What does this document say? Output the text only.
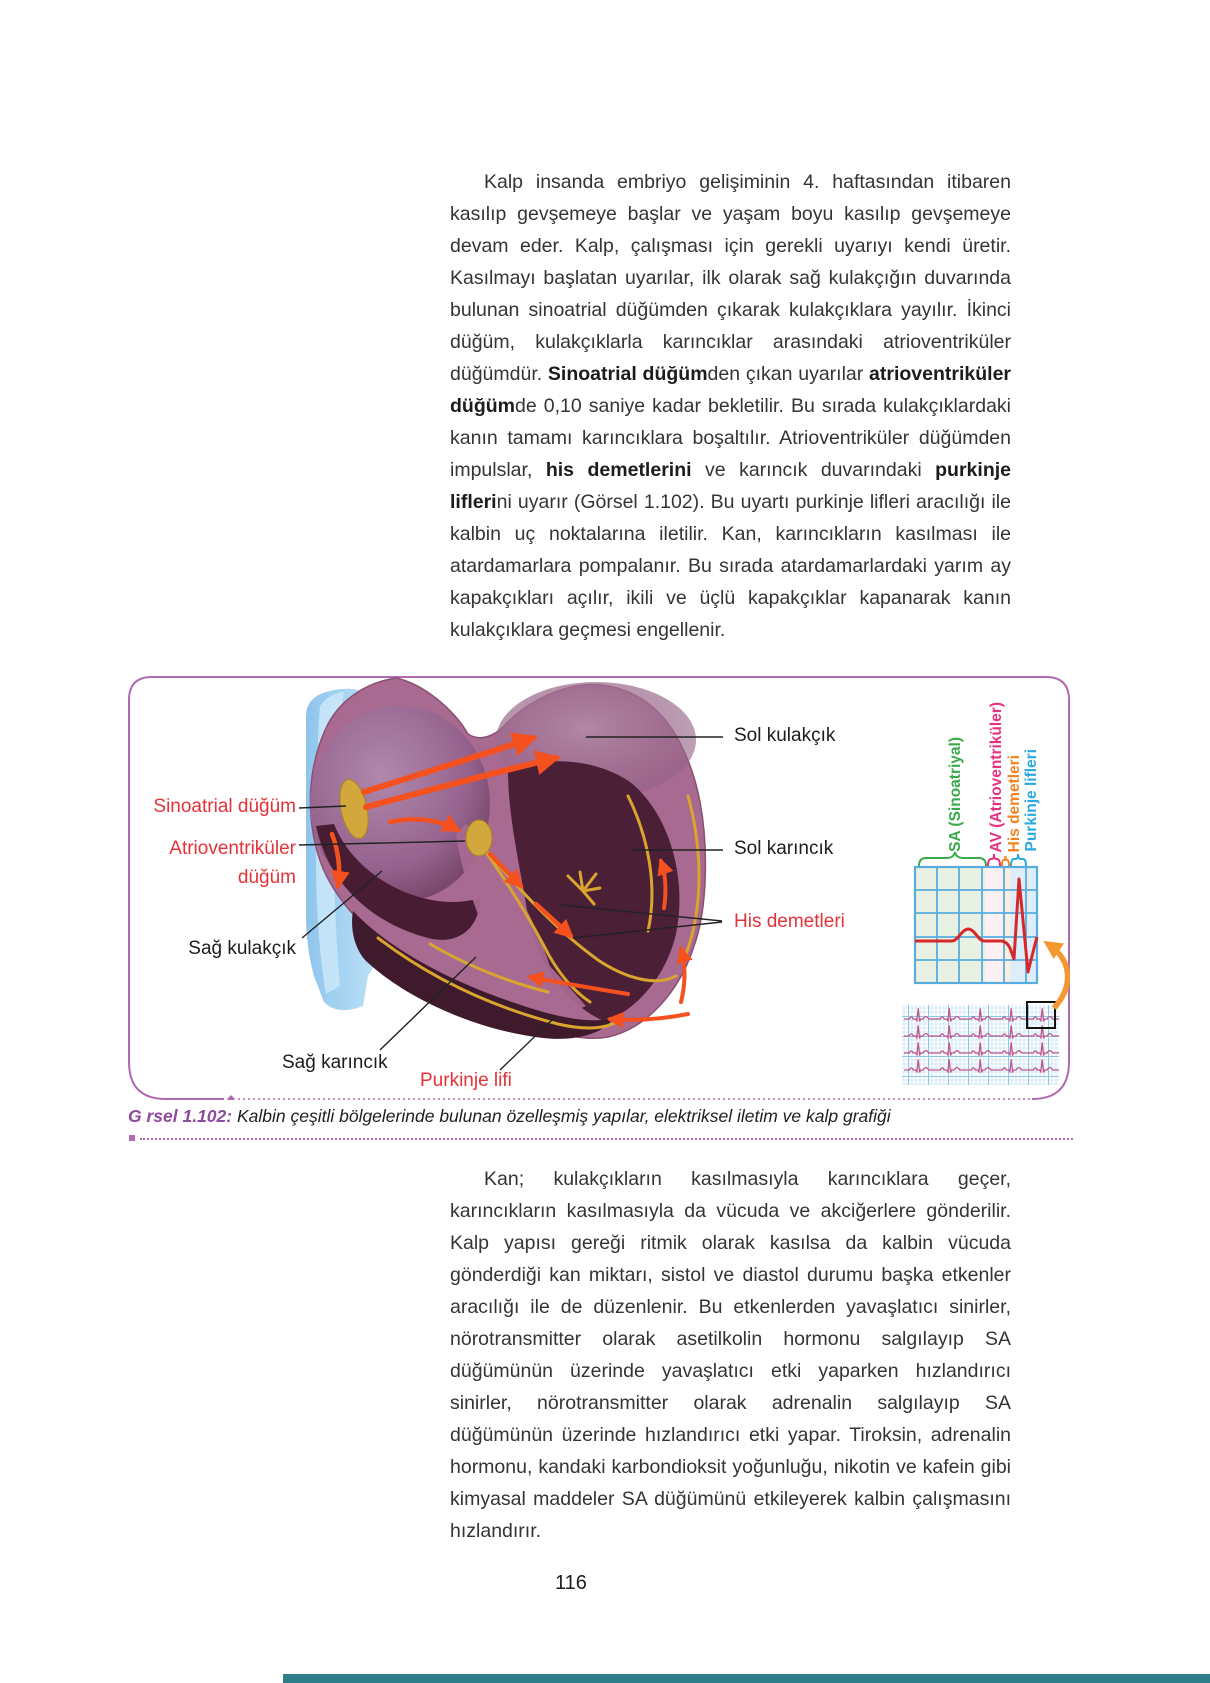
Kalp insanda embriyo gelişiminin 4. haftasından itibaren kasılıp gevşemeye başlar ve yaşam boyu kasılıp gevşemeye devam eder. Kalp, çalışması için gerekli uyarıyı kendi üretir. Kasılmayı başlatan uyarılar, ilk olarak sağ kulakçığın duvarında bulunan sinoatrial düğümden çıkarak kulakçıklara yayılır. İkinci düğüm, kulakçıklarla karıncıklar arasındaki atrioventriküler düğümdür. Sinoatrial düğümden çıkan uyarılar atrioventriküler düğümde 0,10 saniye kadar bekletilir. Bu sırada kulakçıklardaki kanın tamamı karıncıklara boşaltılır. Atrioventriküler düğümden impulslar, his demetlerini ve karıncık duvarındaki purkinje liflerini uyarır (Görsel 1.102). Bu uyartı purkinje lifleri aracılığı ile kalbin uç noktalarına iletilir. Kan, karıncıkların kasılması ile atardamarlara pompalanır. Bu sırada atardamarlardaki yarım ay kapakçıkları açılır, ikili ve üçlü kapakçıklar kapanarak kanın kulakçıklara geçmesi engellenir.

Sinoatrial düğüm
Atrioventriküler
düğüm
Sağ kulakçık
Sağ karıncık
Purkinje lifi
Sol kulakçık
Sol karıncık
His demetleri
SA (Sinoatriyal) AV (Atrioventriküler) His demetleri Purkinje lifleri
G rsel 1.102: Kalbin çeşitli bölgelerinde bulunan özelleşmiş yapılar, elektriksel iletim ve kalp grafiği

Kan; kulakçıkların kasılmasıyla karıncıklara geçer, karıncıkların kasılmasıyla da vücuda ve akciğerlere gönderilir. Kalp yapısı gereği ritmik olarak kasılsa da kalbin vücuda gönderdiği kan miktarı, sistol ve diastol durumu başka etkenler aracılığı ile de düzenlenir. Bu etkenlerden yavaşlatıcı sinirler, nörotransmitter olarak asetilkolin hormonu salgılayıp SA düğümünün üzerinde yavaşlatıcı etki yaparken hızlandırıcı sinirler, nörotransmitter olarak adrenalin salgılayıp SA düğümünün üzerinde hızlandırıcı etki yapar. Tiroksin, adrenalin hormonu, kandaki karbondioksit yoğunluğu, nikotin ve kafein gibi kimyasal maddeler SA düğümünü etkileyerek kalbin çalışmasını hızlandırır.

116
